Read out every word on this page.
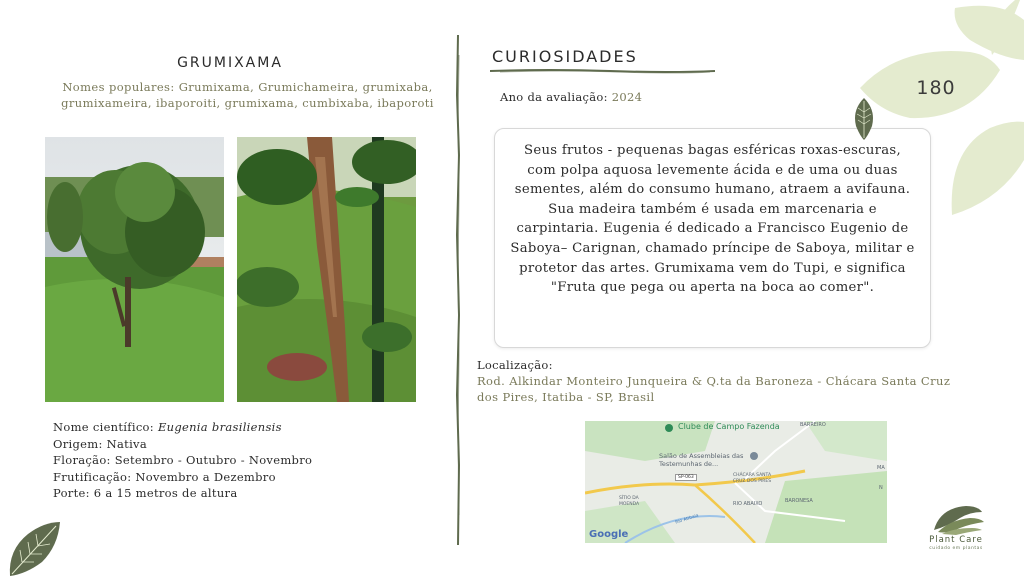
GRUMIXAMA
Nomes populares: Grumixama, Grumichameira, grumixaba, grumixameira, ibaporoiti, grumixama, cumbixaba, ibaporoti
Nome científico: Eugenia brasiliensis
Origem: Nativa
Floração: Setembro - Outubro - Novembro
Frutificação: Novembro a Dezembro
Porte: 6 a 15 metros de altura
CURIOSIDADES
Ano da avaliação: 2024

Seus frutos - pequenas bagas esféricas roxas-escuras, com polpa aquosa levemente ácida e de uma ou duas sementes, além do consumo humano, atraem a avifauna. Sua madeira também é usada em marcenaria e carpintaria. Eugenia é dedicado a Francisco Eugenio de Saboya– Carignan, chamado príncipe de Saboya, militar e protetor das artes. Grumixama vem do Tupi, e significa "Fruta que pega ou aperta na boca ao comer".

Localização:
Rod. Alkindar Monteiro Junqueira & Q.ta da Baroneza - Chácara Santa Cruz dos Pires, Itatiba - SP, Brasil
Clube de Campo Fazenda
Salão de Assembleias das Testemunhas de...
BARREIRO
CHÁCARA SANTA CRUZ DOS PIRES
SÍTIO DA MOENDA	RIO ABAIXO	BARONESA
SP-063
Rio Atibaia
MA
N
Google
180
Plant Care
cuidado em plantas
